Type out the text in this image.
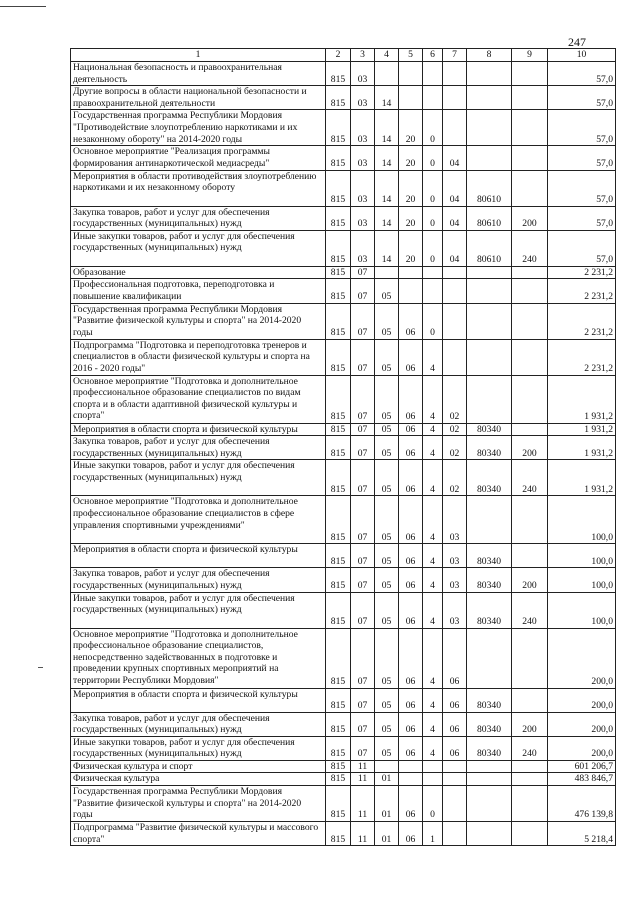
247
1	2	3	4	5	6	7	8	9	10
Национальная безопасность и правоохранительная деятельность	815	03							57,0
Другие вопросы в области национальной безопасности и правоохранительной деятельности	815	03	14						57,0
Государственная программа Республики Мордовия "Противодействие злоупотреблению наркотиками и их незаконному обороту" на 2014-2020 годы	815	03	14	20	0				57,0
Основное мероприятие "Реализация программы формирования антинаркотической медиасреды"	815	03	14	20	0	04			57,0
Мероприятия в области противодействия злоупотреблению наркотиками и их незаконному обороту	815	03	14	20	0	04	80610		57,0
Закупка товаров, работ и услуг для обеспечения государственных (муниципальных) нужд	815	03	14	20	0	04	80610	200	57,0
Иные закупки товаров, работ и услуг для обеспечения государственных (муниципальных) нужд	815	03	14	20	0	04	80610	240	57,0
Образование	815	07							2 231,2
Профессиональная подготовка, переподготовка и повышение квалификации	815	07	05						2 231,2
Государственная программа Республики Мордовия "Развитие физической культуры и спорта" на 2014-2020 годы	815	07	05	06	0				2 231,2
Подпрограмма "Подготовка и переподготовка тренеров и специалистов в области физической культуры и спорта на 2016 - 2020 годы"	815	07	05	06	4				2 231,2
Основное мероприятие "Подготовка и дополнительное профессиональное образование специалистов по видам спорта и в области адаптивной физической культуры и спорта"	815	07	05	06	4	02			1 931,2
Мероприятия в области спорта и физической культуры	815	07	05	06	4	02	80340		1 931,2
Закупка товаров, работ и услуг для обеспечения государственных (муниципальных) нужд	815	07	05	06	4	02	80340	200	1 931,2
Иные закупки товаров, работ и услуг для обеспечения государственных (муниципальных) нужд	815	07	05	06	4	02	80340	240	1 931,2
Основное мероприятие "Подготовка и дополнительное профессиональное образование специалистов в сфере управления спортивными учреждениями"	815	07	05	06	4	03			100,0
Мероприятия в области спорта и физической культуры	815	07	05	06	4	03	80340		100,0
Закупка товаров, работ и услуг для обеспечения государственных (муниципальных) нужд	815	07	05	06	4	03	80340	200	100,0
Иные закупки товаров, работ и услуг для обеспечения государственных (муниципальных) нужд	815	07	05	06	4	03	80340	240	100,0
Основное мероприятие "Подготовка и дополнительное профессиональное образование специалистов, непосредственно задействованных в подготовке и проведении крупных спортивных мероприятий на территории Республики Мордовия"	815	07	05	06	4	06			200,0
Мероприятия в области спорта и физической культуры	815	07	05	06	4	06	80340		200,0
Закупка товаров, работ и услуг для обеспечения государственных (муниципальных) нужд	815	07	05	06	4	06	80340	200	200,0
Иные закупки товаров, работ и услуг для обеспечения государственных (муниципальных) нужд	815	07	05	06	4	06	80340	240	200,0
Физическая культура и спорт	815	11							601 206,7
Физическая культура	815	11	01						483 846,7
Государственная программа Республики Мордовия "Развитие физической культуры и спорта" на 2014-2020 годы	815	11	01	06	0				476 139,8
Подпрограмма "Развитие физической культуры и массового спорта"	815	11	01	06	1				5 218,4
